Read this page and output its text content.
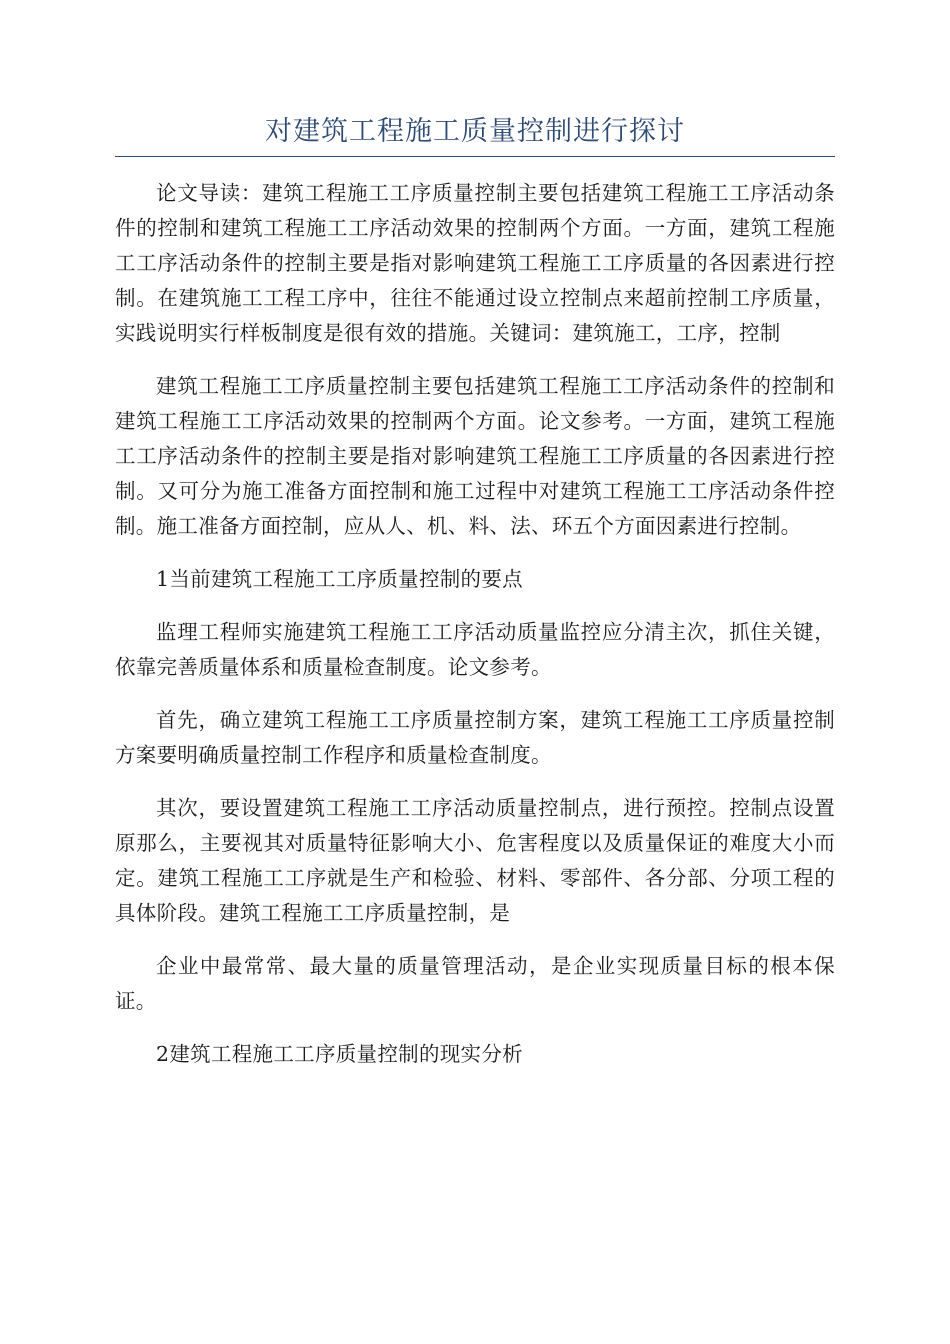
对建筑工程施工质量控制进行探讨

论文导读：建筑工程施工工序质量控制主要包括建筑工程施工工序活动条件的控制和建筑工程施工工序活动效果的控制两个方面。一方面，建筑工程施工工序活动条件的控制主要是指对影响建筑工程施工工序质量的各因素进行控制。在建筑施工工程工序中，往往不能通过设立控制点来超前控制工序质量，实践说明实行样板制度是很有效的措施。关键词：建筑施工，工序，控制

建筑工程施工工序质量控制主要包括建筑工程施工工序活动条件的控制和建筑工程施工工序活动效果的控制两个方面。论文参考。一方面，建筑工程施工工序活动条件的控制主要是指对影响建筑工程施工工序质量的各因素进行控制。又可分为施工准备方面控制和施工过程中对建筑工程施工工序活动条件控制。施工准备方面控制，应从人、机、料、法、环五个方面因素进行控制。

1当前建筑工程施工工序质量控制的要点

监理工程师实施建筑工程施工工序活动质量监控应分清主次，抓住关键，依靠完善质量体系和质量检查制度。论文参考。

首先，确立建筑工程施工工序质量控制方案，建筑工程施工工序质量控制方案要明确质量控制工作程序和质量检查制度。

其次，要设置建筑工程施工工序活动质量控制点，进行预控。控制点设置原那么，主要视其对质量特征影响大小、危害程度以及质量保证的难度大小而定。建筑工程施工工序就是生产和检验、材料、零部件、各分部、分项工程的具体阶段。建筑工程施工工序质量控制，是

企业中最常常、最大量的质量管理活动，是企业实现质量目标的根本保证。

2建筑工程施工工序质量控制的现实分析
